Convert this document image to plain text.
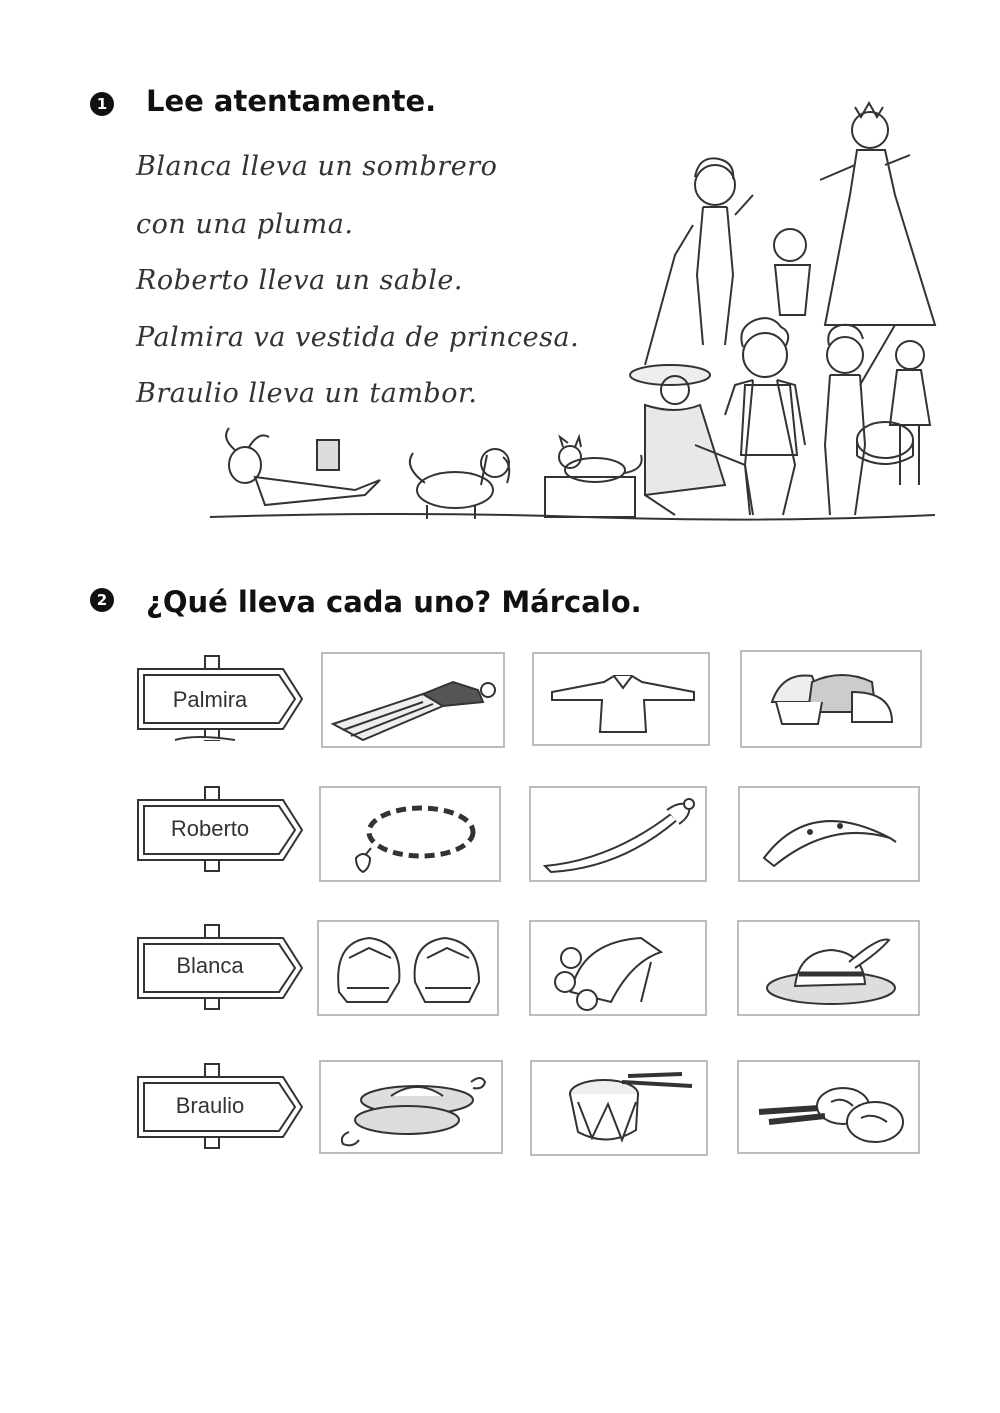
1 Lee atentamente.
Blanca lleva un sombrero
con una pluma.
Roberto lleva un sable.
Palmira va vestida de princesa.
Braulio lleva un tambor.
2 ¿Qué lleva cada uno? Márcalo.
Palmira
Roberto
Blanca
Braulio
